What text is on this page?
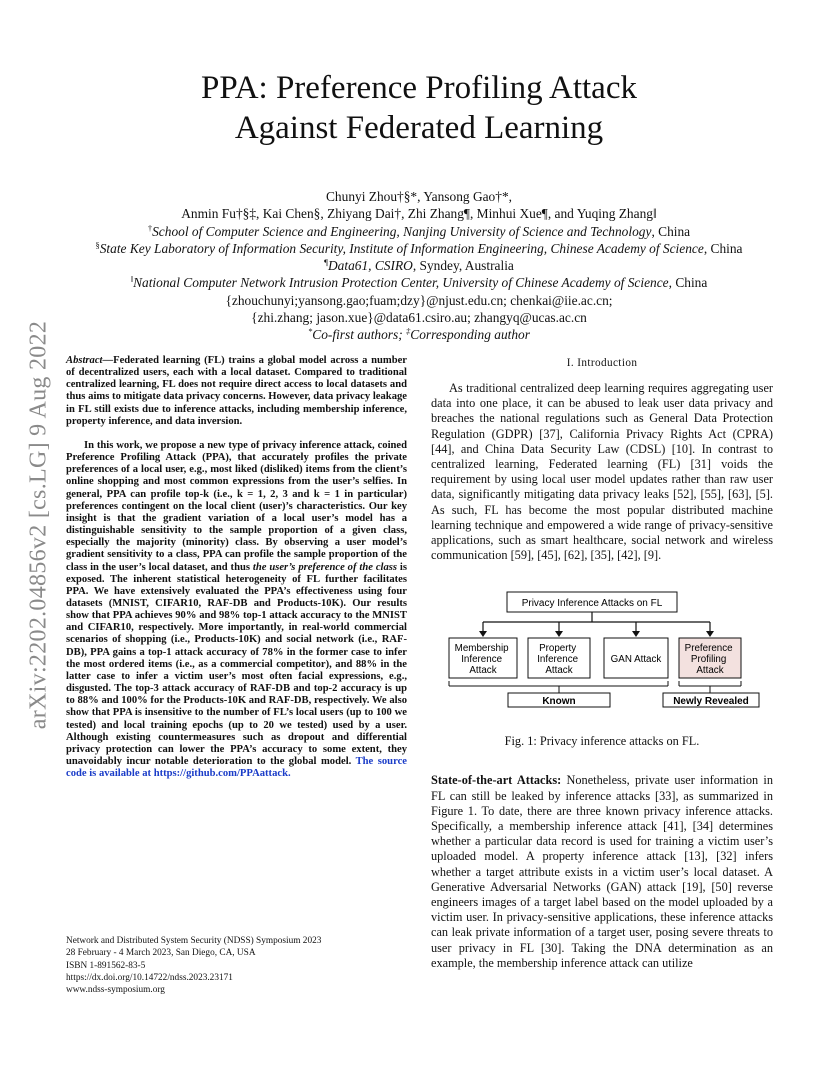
arXiv:2202.04856v2 [cs.LG] 9 Aug 2022
PPA: Preference Profiling Attack
Against Federated Learning
Chunyi Zhou†§*, Yansong Gao†*,
Anmin Fu†§‡, Kai Chen§, Zhiyang Dai†, Zhi Zhang¶, Minhui Xue¶, and Yuqing Zhang‖
†School of Computer Science and Engineering, Nanjing University of Science and Technology, China
§State Key Laboratory of Information Security, Institute of Information Engineering, Chinese Academy of Science, China
¶Data61, CSIRO, Syndey, Australia
‖National Computer Network Intrusion Protection Center, University of Chinese Academy of Science, China
{zhouchunyi;yansong.gao;fuam;dzy}@njust.edu.cn; chenkai@iie.ac.cn;
{zhi.zhang; jason.xue}@data61.csiro.au; zhangyq@ucas.ac.cn
*Co-first authors; ‡Corresponding author

Abstract—Federated learning (FL) trains a global model across a number of decentralized users, each with a local dataset. Compared to traditional centralized learning, FL does not require direct access to local datasets and thus aims to mitigate data privacy concerns. However, data privacy leakage in FL still exists due to inference attacks, including membership inference, property inference, and data inversion.

In this work, we propose a new type of privacy inference attack, coined Preference Profiling Attack (PPA), that accurately profiles the private preferences of a local user, e.g., most liked (disliked) items from the client’s online shopping and most common expressions from the user’s selfies. In general, PPA can profile top-k (i.e., k = 1, 2, 3 and k = 1 in particular) preferences contingent on the local client (user)’s characteristics. Our key insight is that the gradient variation of a local user’s model has a distinguishable sensitivity to the sample proportion of a given class, especially the majority (minority) class. By observing a user model’s gradient sensitivity to a class, PPA can profile the sample proportion of the class in the user’s local dataset, and thus the user’s preference of the class is exposed. The inherent statistical heterogeneity of FL further facilitates PPA. We have extensively evaluated the PPA’s effectiveness using four datasets (MNIST, CIFAR10, RAF-DB and Products-10K). Our results show that PPA achieves 90% and 98% top-1 attack accuracy to the MNIST and CIFAR10, respectively. More importantly, in real-world commercial scenarios of shopping (i.e., Products-10K) and social network (i.e., RAF-DB), PPA gains a top-1 attack accuracy of 78% in the former case to infer the most ordered items (i.e., as a commercial competitor), and 88% in the latter case to infer a victim user’s most often facial expressions, e.g., disgusted. The top-3 attack accuracy of RAF-DB and top-2 accuracy is up to 88% and 100% for the Products-10K and RAF-DB, respectively. We also show that PPA is insensitive to the number of FL’s local users (up to 100 we tested) and local training epochs (up to 20 we tested) used by a user. Although existing countermeasures such as dropout and differential privacy protection can lower the PPA’s accuracy to some extent, they unavoidably incur notable deterioration to the global model. The source code is available at https://github.com/PPAattack.

Network and Distributed System Security (NDSS) Symposium 2023
28 February - 4 March 2023, San Diego, CA, USA
ISBN 1-891562-83-5
https://dx.doi.org/10.14722/ndss.2023.23171
www.ndss-symposium.org
I. Introduction

As traditional centralized deep learning requires aggregating user data into one place, it can be abused to leak user data privacy and breaches the national regulations such as General Data Protection Regulation (GDPR) [37], California Privacy Rights Act (CPRA) [44], and China Data Security Law (CDSL) [10]. In contrast to centralized learning, Federated learning (FL) [31] voids the requirement by using local user model updates rather than raw user data, significantly mitigating data privacy leaks [52], [55], [63], [5]. As such, FL has become the most popular distributed machine learning technique and empowered a wide range of privacy-sensitive applications, such as smart healthcare, social network and wireless communication [59], [45], [62], [35], [42], [9].

Privacy Inference Attacks on FL
Membership Inference Attack
Property Inference Attack
GAN Attack
Preference Profiling Attack
Known	Newly Revealed
Fig. 1: Privacy inference attacks on FL.

State-of-the-art Attacks: Nonetheless, private user information in FL can still be leaked by inference attacks [33], as summarized in Figure 1. To date, there are three known privacy inference attacks. Specifically, a membership inference attack [41], [34] determines whether a particular data record is used for training a victim user’s uploaded model. A property inference attack [13], [32] infers whether a target attribute exists in a victim user’s local dataset. A Generative Adversarial Networks (GAN) attack [19], [50] reverse engineers images of a target label based on the model uploaded by a victim user. In privacy-sensitive applications, these inference attacks can leak private information of a target user, posing severe threats to user privacy in FL [30]. Taking the DNA determination as an example, the membership inference attack can utilize
